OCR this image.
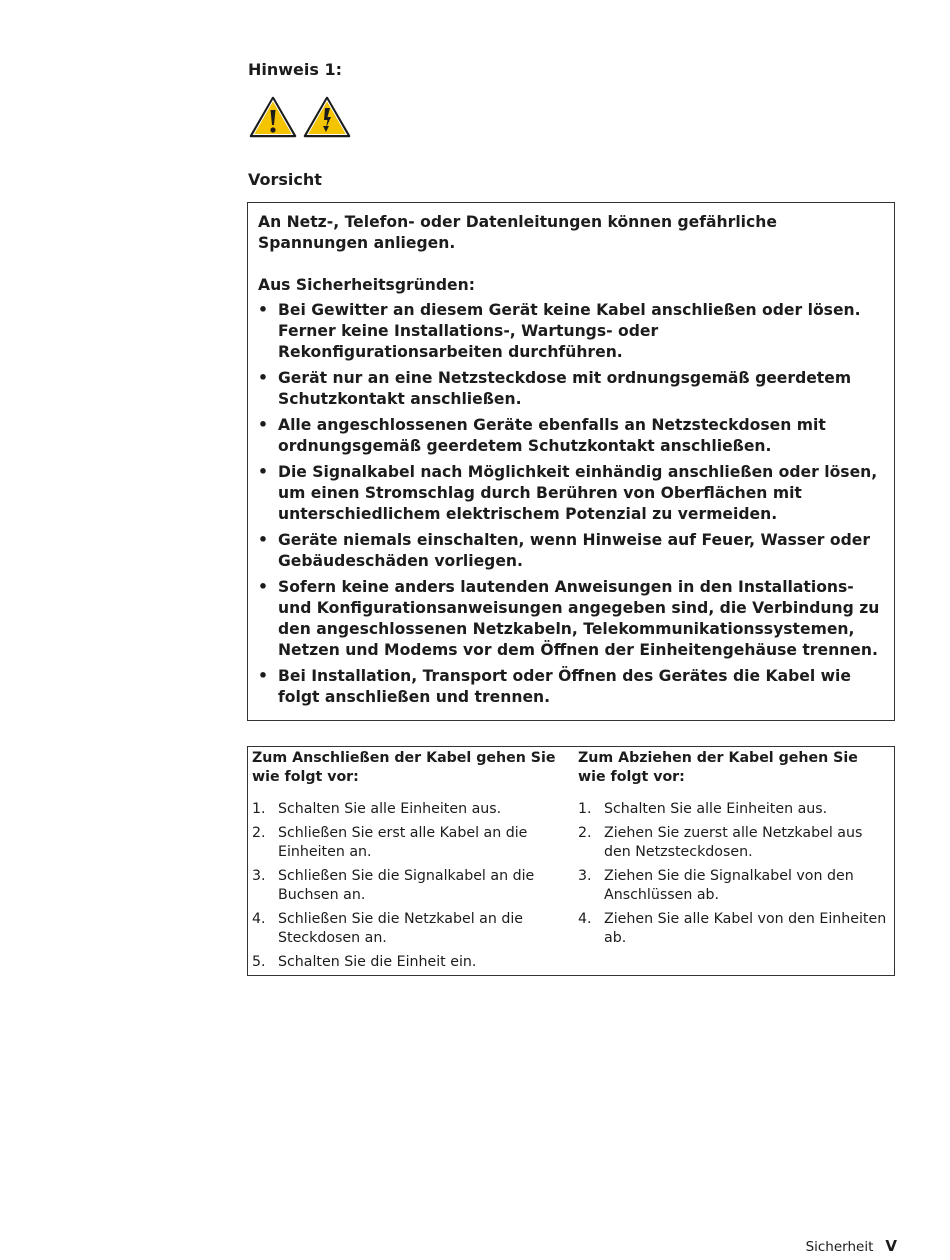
Hinweis 1:
Vorsicht

An Netz-, Telefon- oder Datenleitungen können gefährliche Spannungen anliegen.

Aus Sicherheitsgründen:

• Bei Gewitter an diesem Gerät keine Kabel anschließen oder lösen. Ferner keine Installations-, Wartungs- oder Rekonfigurationsarbeiten durchführen.
• Gerät nur an eine Netzsteckdose mit ordnungsgemäß geerdetem Schutzkontakt anschließen.
• Alle angeschlossenen Geräte ebenfalls an Netzsteckdosen mit ordnungsgemäß geerdetem Schutzkontakt anschließen.
• Die Signalkabel nach Möglichkeit einhändig anschließen oder lösen, um einen Stromschlag durch Berühren von Oberflächen mit unterschiedlichem elektrischem Potenzial zu vermeiden.
• Geräte niemals einschalten, wenn Hinweise auf Feuer, Wasser oder Gebäudeschäden vorliegen.
• Sofern keine anders lautenden Anweisungen in den Installations- und Konfigurationsanweisungen angegeben sind, die Verbindung zu den angeschlossenen Netzkabeln, Telekommunikationssystemen, Netzen und Modems vor dem Öffnen der Einheitengehäuse trennen.
• Bei Installation, Transport oder Öffnen des Gerätes die Kabel wie folgt anschließen und trennen.

Zum Anschließen der Kabel gehen Sie wie folgt vor:

1. Schalten Sie alle Einheiten aus.
2. Schließen Sie erst alle Kabel an die Einheiten an.
3. Schließen Sie die Signalkabel an die Buchsen an.
4. Schließen Sie die Netzkabel an die Steckdosen an.
5. Schalten Sie die Einheit ein.

Zum Abziehen der Kabel gehen Sie wie folgt vor:

1. Schalten Sie alle Einheiten aus.
2. Ziehen Sie zuerst alle Netzkabel aus den Netzsteckdosen.
3. Ziehen Sie die Signalkabel von den Anschlüssen ab.
4. Ziehen Sie alle Kabel von den Einheiten ab.
Sicherheit V
